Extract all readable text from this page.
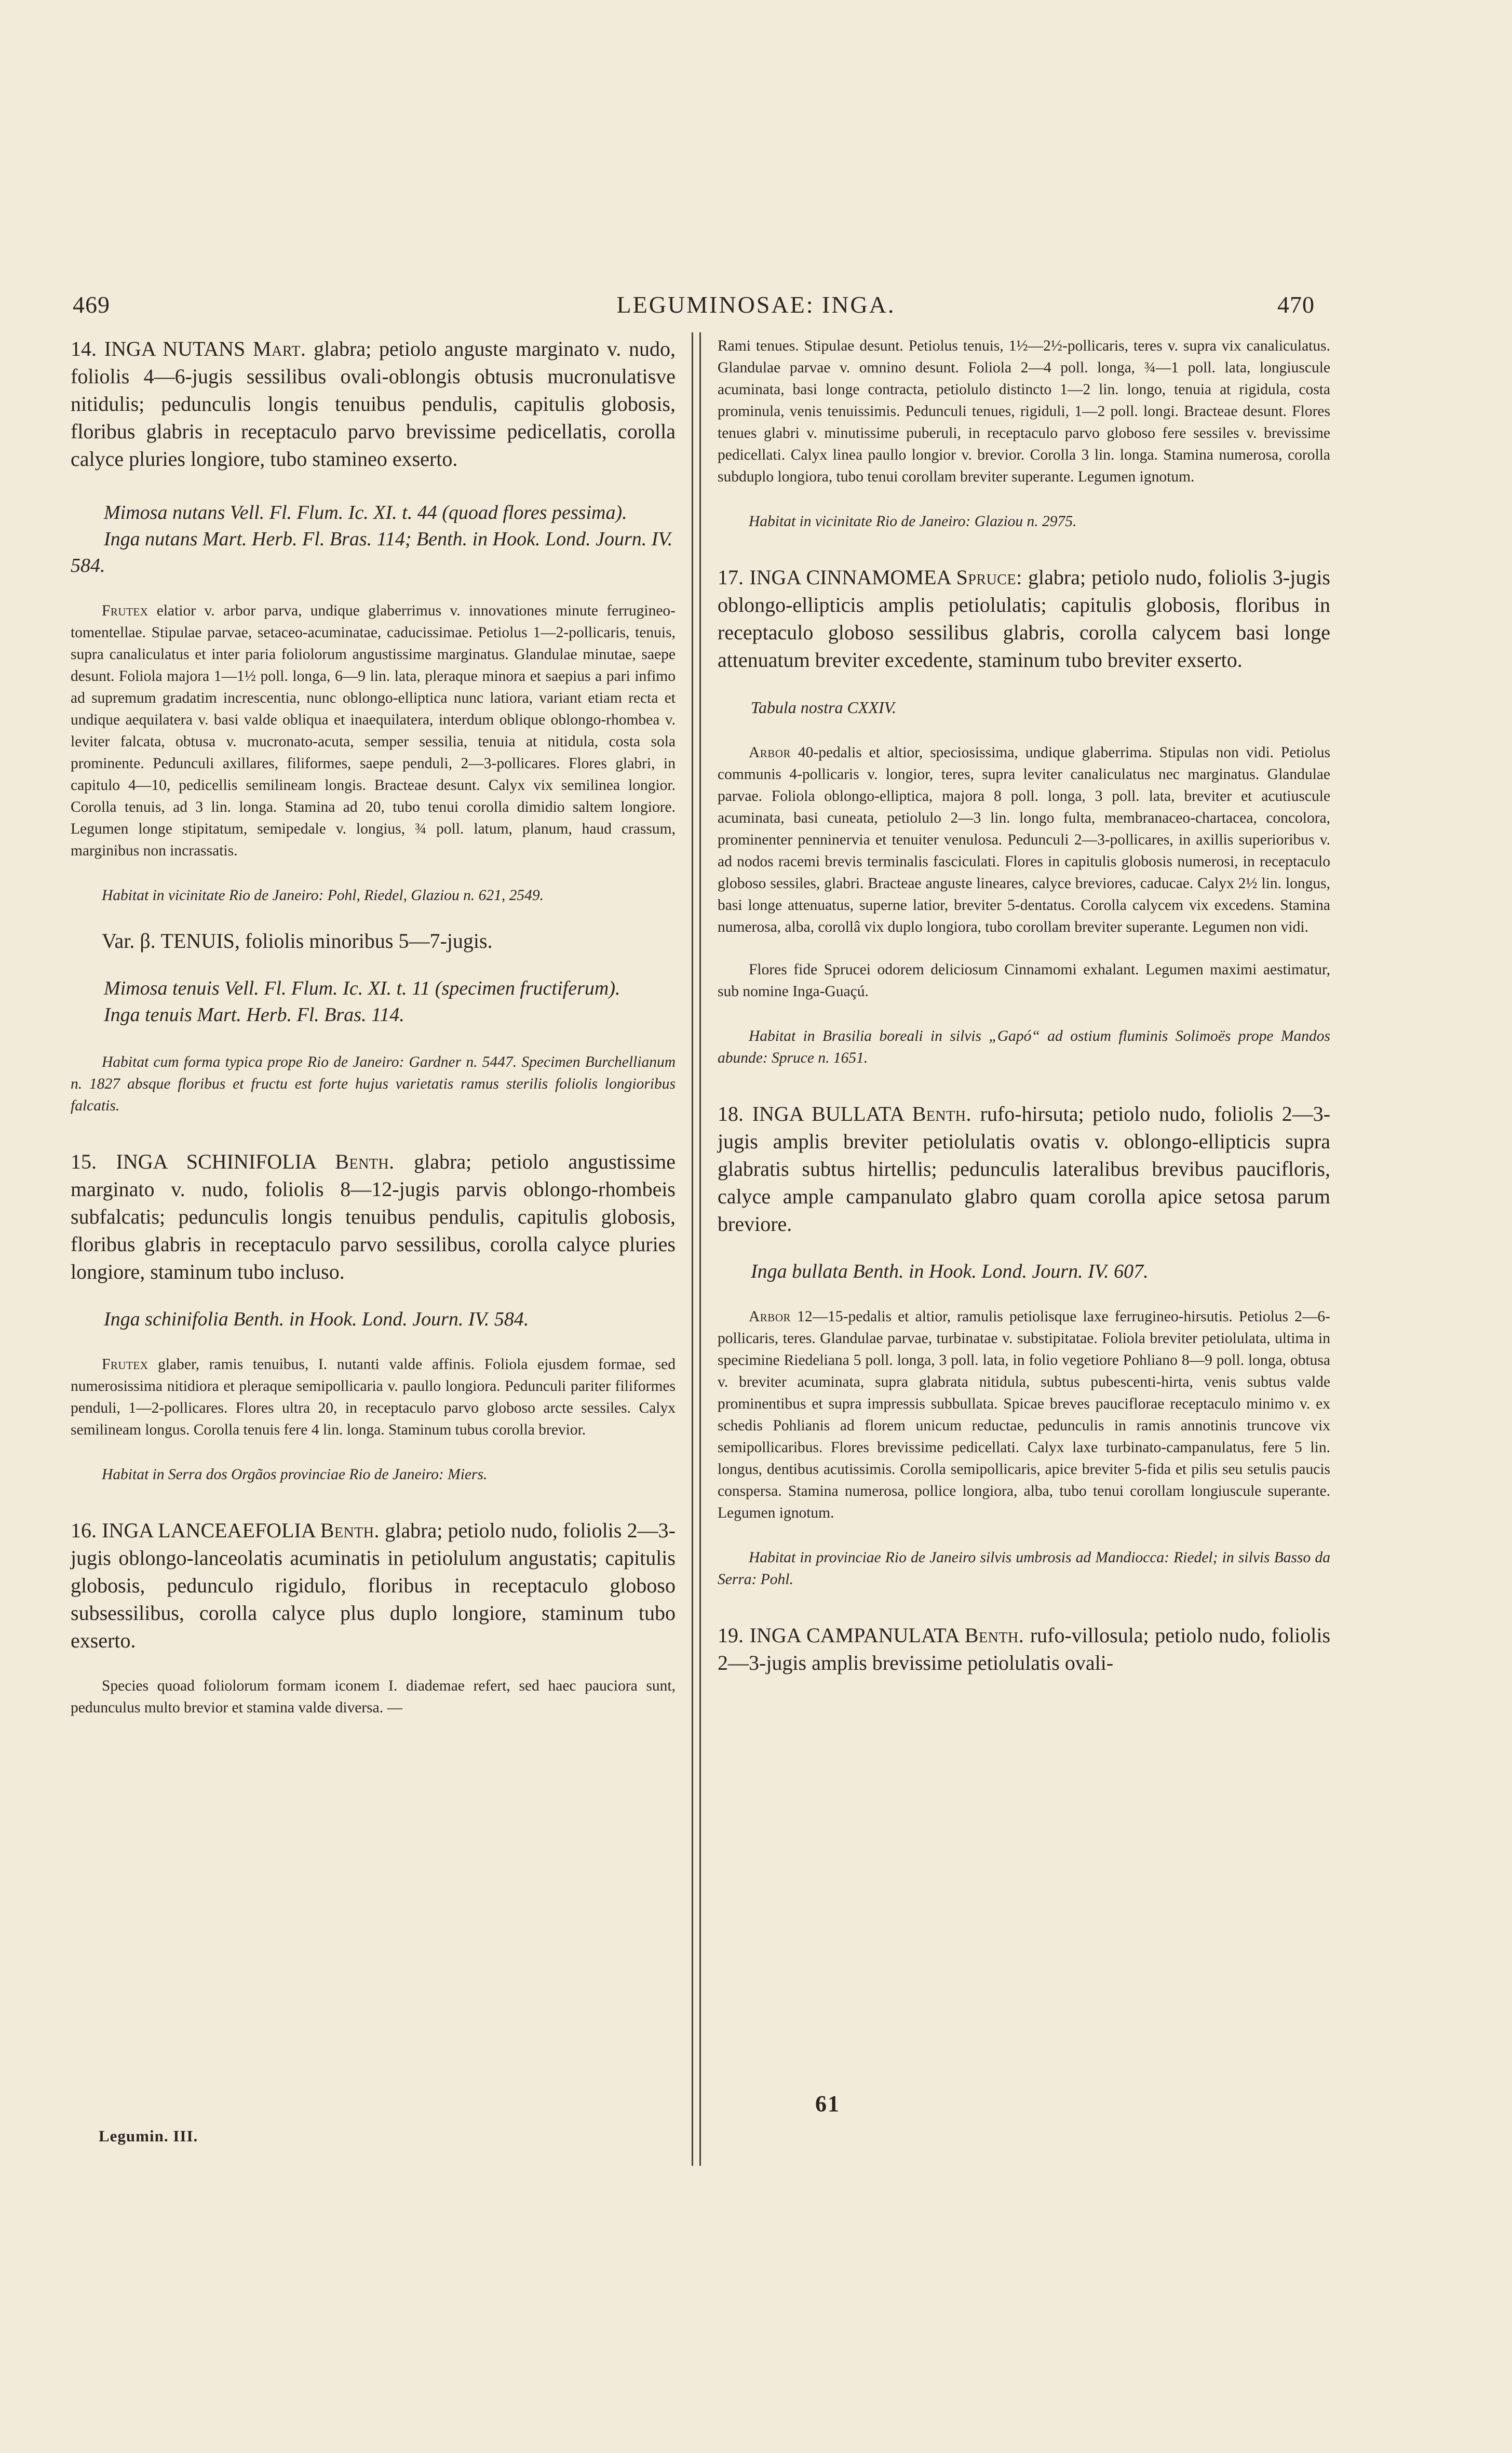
469	LEGUMINOSAE: INGA.	470

14. INGA NUTANS Mart. glabra; petiolo anguste marginato v. nudo, foliolis 4—6-jugis sessilibus ovali-oblongis obtusis mucronulatisve nitidulis; pedunculis longis tenuibus pendulis, capitulis globosis, floribus glabris in receptaculo parvo brevissime pedicellatis, corolla calyce pluries longiore, tubo stamineo exserto.

Mimosa nutans Vell. Fl. Flum. Ic. XI. t. 44 (quoad flores pessima).

Inga nutans Mart. Herb. Fl. Bras. 114; Benth. in Hook. Lond. Journ. IV. 584.

Frutex elatior v. arbor parva, undique glaberrimus v. innovationes minute ferrugineo-tomentellae. Stipulae parvae, setaceo-acuminatae, caducissimae. Petiolus 1—2-pollicaris, tenuis, supra canaliculatus et inter paria foliolorum angustissime marginatus. Glandulae minutae, saepe desunt. Foliola majora 1—1½ poll. longa, 6—9 lin. lata, pleraque minora et saepius a pari infimo ad supremum gradatim increscentia, nunc oblongo-elliptica nunc latiora, variant etiam recta et undique aequilatera v. basi valde obliqua et inaequilatera, interdum oblique oblongo-rhombea v. leviter falcata, obtusa v. mucronato-acuta, semper sessilia, tenuia at nitidula, costa sola prominente. Pedunculi axillares, filiformes, saepe penduli, 2—3-pollicares. Flores glabri, in capitulo 4—10, pedicellis semilineam longis. Bracteae desunt. Calyx vix semilinea longior. Corolla tenuis, ad 3 lin. longa. Stamina ad 20, tubo tenui corolla dimidio saltem longiore. Legumen longe stipitatum, semipedale v. longius, ¾ poll. latum, planum, haud crassum, marginibus non incrassatis.

Habitat in vicinitate Rio de Janeiro: Pohl, Riedel, Glaziou n. 621, 2549.

Var. β. TENUIS, foliolis minoribus 5—7-jugis.

Mimosa tenuis Vell. Fl. Flum. Ic. XI. t. 11 (specimen fructiferum).

Inga tenuis Mart. Herb. Fl. Bras. 114.

Habitat cum forma typica prope Rio de Janeiro: Gardner n. 5447. Specimen Burchellianum n. 1827 absque floribus et fructu est forte hujus varietatis ramus sterilis foliolis longioribus falcatis.

15. INGA SCHINIFOLIA Benth. glabra; petiolo angustissime marginato v. nudo, foliolis 8—12-jugis parvis oblongo-rhombeis subfalcatis; pedunculis longis tenuibus pendulis, capitulis globosis, floribus glabris in receptaculo parvo sessilibus, corolla calyce pluries longiore, staminum tubo incluso.

Inga schinifolia Benth. in Hook. Lond. Journ. IV. 584.

Frutex glaber, ramis tenuibus, I. nutanti valde affinis. Foliola ejusdem formae, sed numerosissima nitidiora et pleraque semipollicaria v. paullo longiora. Pedunculi pariter filiformes penduli, 1—2-pollicares. Flores ultra 20, in receptaculo parvo globoso arcte sessiles. Calyx semilineam longus. Corolla tenuis fere 4 lin. longa. Staminum tubus corolla brevior.

Habitat in Serra dos Orgãos provinciae Rio de Janeiro: Miers.

16. INGA LANCEAEFOLIA Benth. glabra; petiolo nudo, foliolis 2—3-jugis oblongo-lanceolatis acuminatis in petiolulum angustatis; capitulis globosis, pedunculo rigidulo, floribus in receptaculo globoso subsessilibus, corolla calyce plus duplo longiore, staminum tubo exserto.

Species quoad foliolorum formam iconem I. diademae refert, sed haec pauciora sunt, pedunculus multo brevior et stamina valde diversa. —

Legumin. III.

Rami tenues. Stipulae desunt. Petiolus tenuis, 1½—2½-pollicaris, teres v. supra vix canaliculatus. Glandulae parvae v. omnino desunt. Foliola 2—4 poll. longa, ¾—1 poll. lata, longiuscule acuminata, basi longe contracta, petiolulo distincto 1—2 lin. longo, tenuia at rigidula, costa prominula, venis tenuissimis. Pedunculi tenues, rigiduli, 1—2 poll. longi. Bracteae desunt. Flores tenues glabri v. minutissime puberuli, in receptaculo parvo globoso fere sessiles v. brevissime pedicellati. Calyx linea paullo longior v. brevior. Corolla 3 lin. longa. Stamina numerosa, corolla subduplo longiora, tubo tenui corollam breviter superante. Legumen ignotum.

Habitat in vicinitate Rio de Janeiro: Glaziou n. 2975.

17. INGA CINNAMOMEA Spruce: glabra; petiolo nudo, foliolis 3-jugis oblongo-ellipticis amplis petiolulatis; capitulis globosis, floribus in receptaculo globoso sessilibus glabris, corolla calycem basi longe attenuatum breviter excedente, staminum tubo breviter exserto.

Tabula nostra CXXIV.

Arbor 40-pedalis et altior, speciosissima, undique glaberrima. Stipulas non vidi. Petiolus communis 4-pollicaris v. longior, teres, supra leviter canaliculatus nec marginatus. Glandulae parvae. Foliola oblongo-elliptica, majora 8 poll. longa, 3 poll. lata, breviter et acutiuscule acuminata, basi cuneata, petiolulo 2—3 lin. longo fulta, membranaceo-chartacea, concolora, prominenter penninervia et tenuiter venulosa. Pedunculi 2—3-pollicares, in axillis superioribus v. ad nodos racemi brevis terminalis fasciculati. Flores in capitulis globosis numerosi, in receptaculo globoso sessiles, glabri. Bracteae anguste lineares, calyce breviores, caducae. Calyx 2½ lin. longus, basi longe attenuatus, superne latior, breviter 5-dentatus. Corolla calycem vix excedens. Stamina numerosa, alba, corollâ vix duplo longiora, tubo corollam breviter superante. Legumen non vidi.

Flores fide Sprucei odorem deliciosum Cinnamomi exhalant. Legumen maximi aestimatur, sub nomine Inga-Guaçú.

Habitat in Brasilia boreali in silvis „Gapó“ ad ostium fluminis Solimoës prope Mandos abunde: Spruce n. 1651.

18. INGA BULLATA Benth. rufo-hirsuta; petiolo nudo, foliolis 2—3-jugis amplis breviter petiolulatis ovatis v. oblongo-ellipticis supra glabratis subtus hirtellis; pedunculis lateralibus brevibus paucifloris, calyce ample campanulato glabro quam corolla apice setosa parum breviore.

Inga bullata Benth. in Hook. Lond. Journ. IV. 607.

Arbor 12—15-pedalis et altior, ramulis petiolisque laxe ferrugineo-hirsutis. Petiolus 2—6-pollicaris, teres. Glandulae parvae, turbinatae v. substipitatae. Foliola breviter petiolulata, ultima in specimine Riedeliana 5 poll. longa, 3 poll. lata, in folio vegetiore Pohliano 8—9 poll. longa, obtusa v. breviter acuminata, supra glabrata nitidula, subtus pubescenti-hirta, venis subtus valde prominentibus et supra impressis subbullata. Spicae breves pauciflorae receptaculo minimo v. ex schedis Pohlianis ad florem unicum reductae, pedunculis in ramis annotinis truncove vix semipollicaribus. Flores brevissime pedicellati. Calyx laxe turbinato-campanulatus, fere 5 lin. longus, dentibus acutissimis. Corolla semipollicaris, apice breviter 5-fida et pilis seu setulis paucis conspersa. Stamina numerosa, pollice longiora, alba, tubo tenui corollam longiuscule superante. Legumen ignotum.

Habitat in provinciae Rio de Janeiro silvis umbrosis ad Mandiocca: Riedel; in silvis Basso da Serra: Pohl.

19. INGA CAMPANULATA Benth. rufo-villosula; petiolo nudo, foliolis 2—3-jugis amplis brevissime petiolulatis ovali-

61
